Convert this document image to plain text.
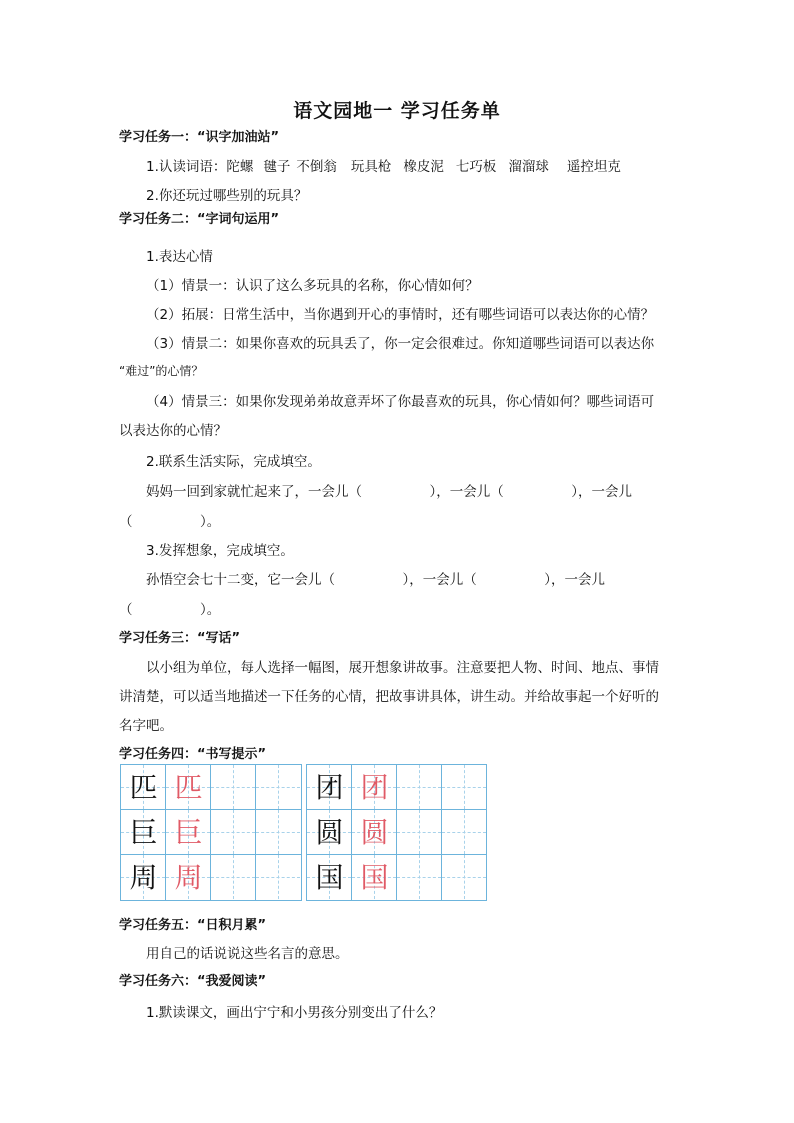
语文园地一 学习任务单
学习任务一：“识字加油站”
1.认读词语：陀螺 毽子 不倒翁 玩具枪 橡皮泥 七巧板 溜溜球 遥控坦克
2.你还玩过哪些别的玩具？
学习任务二：“字词句运用”
1.表达心情
（1）情景一：认识了这么多玩具的名称，你心情如何？
（2）拓展：日常生活中，当你遇到开心的事情时，还有哪些词语可以表达你的心情？
（3）情景二：如果你喜欢的玩具丢了，你一定会很难过。你知道哪些词语可以表达你
“难过”的心情？
（4）情景三：如果你发现弟弟故意弄坏了你最喜欢的玩具，你心情如何？哪些词语可
以表达你的心情？
2.联系生活实际，完成填空。
妈妈一回到家就忙起来了，一会儿（　　　　　），一会儿（　　　　　），一会儿
（　　　　　）。
3.发挥想象，完成填空。
孙悟空会七十二变，它一会儿（　　　　　），一会儿（　　　　　），一会儿
（　　　　　）。
学习任务三：“写话”
以小组为单位，每人选择一幅图，展开想象讲故事。注意要把人物、时间、地点、事情
讲清楚，可以适当地描述一下任务的心情，把故事讲具体，讲生动。并给故事起一个好听的
名字吧。
学习任务四：“书写提示”
匹 匹
巨 巨
周 周
团 团
圆 圆
国 国
学习任务五：“日积月累”
用自己的话说说这些名言的意思。
学习任务六：“我爱阅读”
1.默读课文，画出宁宁和小男孩分别变出了什么？
